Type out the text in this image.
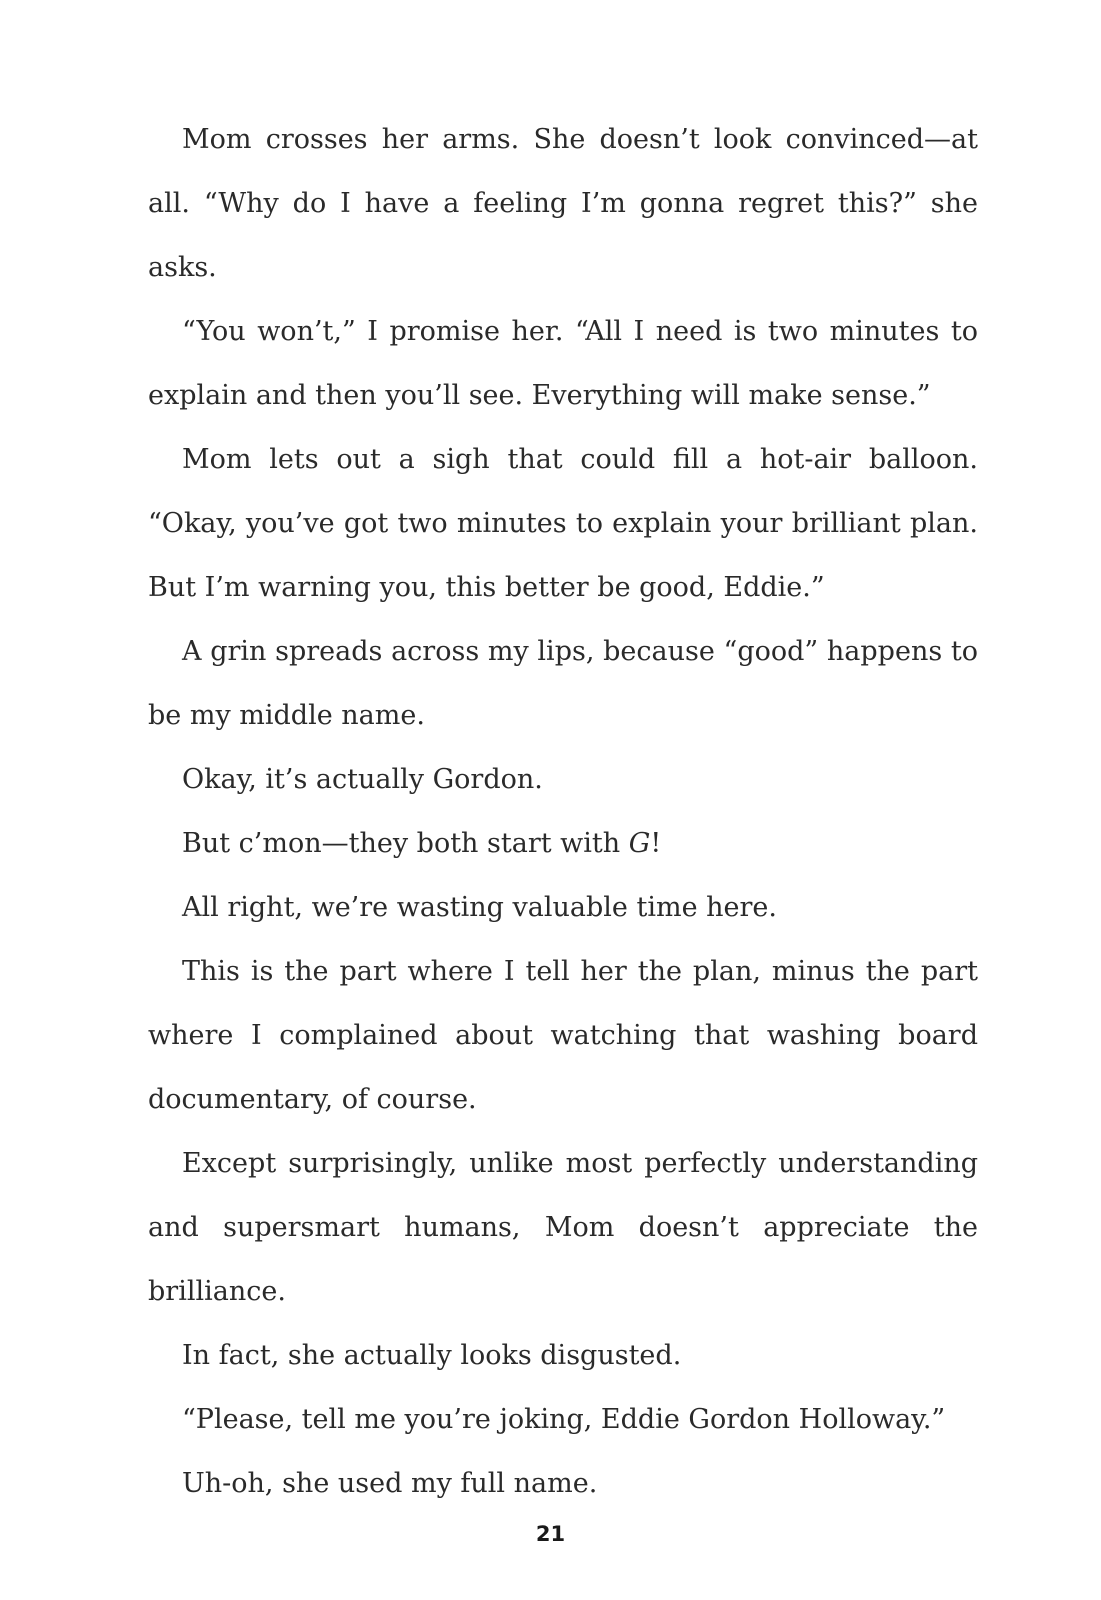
Mom crosses her arms. She doesn’t look convinced—at all. “Why do I have a feeling I’m gonna regret this?” she asks.

“You won’t,” I promise her. “All I need is two minutes to explain and then you’ll see. Everything will make sense.”

Mom lets out a sigh that could fill a hot-air balloon. “Okay, you’ve got two minutes to explain your brilliant plan. But I’m warning you, this better be good, Eddie.”

A grin spreads across my lips, because “good” happens to be my middle name.

Okay, it’s actually Gordon.

But c’mon—they both start with G!

All right, we’re wasting valuable time here.

This is the part where I tell her the plan, minus the part where I complained about watching that washing board documentary, of course.

Except surprisingly, unlike most perfectly understanding and supersmart humans, Mom doesn’t appreciate the brilliance.

In fact, she actually looks disgusted.

“Please, tell me you’re joking, Eddie Gordon Holloway.”

Uh-oh, she used my full name.

21
